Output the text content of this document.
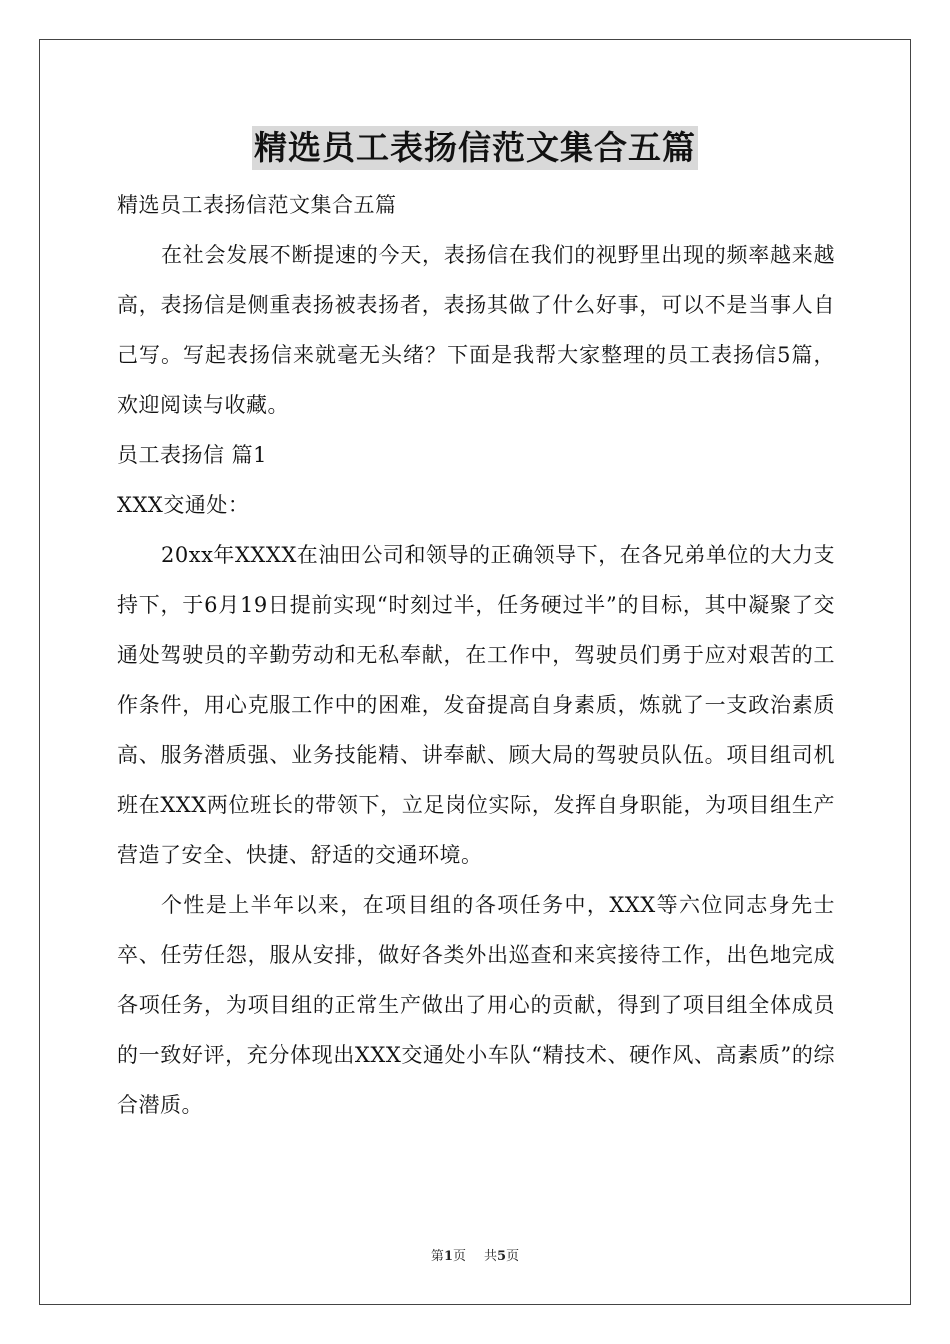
精选员工表扬信范文集合五篇

精选员工表扬信范文集合五篇

在社会发展不断提速的今天，表扬信在我们的视野里出现的频率越来越高，表扬信是侧重表扬被表扬者，表扬其做了什么好事，可以不是当事人自己写。写起表扬信来就毫无头绪？下面是我帮大家整理的员工表扬信5篇，欢迎阅读与收藏。

员工表扬信 篇1

XXX交通处：

20xx年XXXX在油田公司和领导的正确领导下，在各兄弟单位的大力支持下，于6月19日提前实现“时刻过半，任务硬过半”的目标，其中凝聚了交通处驾驶员的辛勤劳动和无私奉献，在工作中，驾驶员们勇于应对艰苦的工作条件，用心克服工作中的困难，发奋提高自身素质，炼就了一支政治素质高、服务潜质强、业务技能精、讲奉献、顾大局的驾驶员队伍。项目组司机班在XXX两位班长的带领下，立足岗位实际，发挥自身职能，为项目组生产营造了安全、快捷、舒适的交通环境。

个性是上半年以来，在项目组的各项任务中，XXX等六位同志身先士卒、任劳任怨，服从安排，做好各类外出巡查和来宾接待工作，出色地完成各项任务，为项目组的正常生产做出了用心的贡献，得到了项目组全体成员的一致好评，充分体现出XXX交通处小车队“精技术、硬作风、高素质”的综合潜质。

第1页 共5页
